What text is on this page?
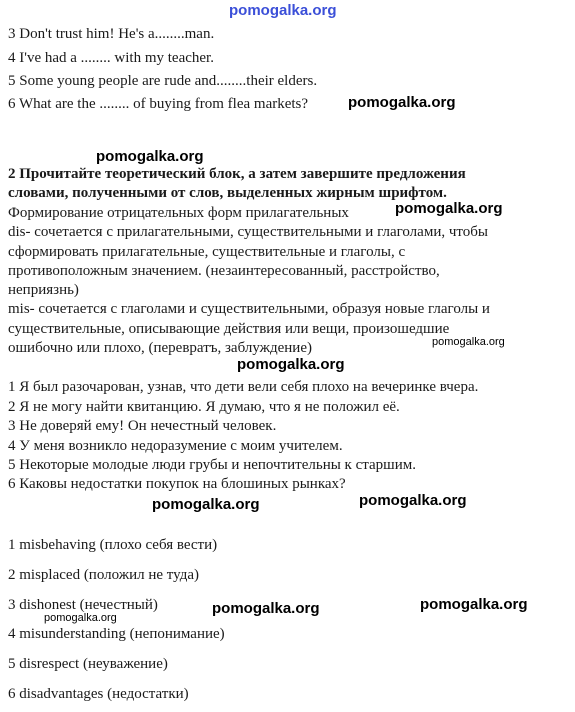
pomogalka.org
pomogalka.org
pomogalka.org
pomogalka.org
pomogalka.org
pomogalka.org
pomogalka.org	pomogalka.org
pomogalka.org	pomogalka.org
pomogalka.org
3 Don't trust him! He's a........man.
4 I've had a ........ with my teacher.
5 Some young people are rude and........their elders.
6 What are the ........ of buying from flea markets?
2 Прочитайте теоретический блок, а затем завершите предложения
словами, полученными от слов, выделенных жирным шрифтом.
Формирование отрицательных форм прилагательных
dis- сочетается с прилагательными, существительными и глаголами, чтобы
сформировать прилагательные, существительные и глаголы, с
противоположным значением. (незаинтересованный, расстройство,
неприязнь)
mis- сочетается с глаголами и существительными, образуя новые глаголы и
существительные, описывающие действия или вещи, произошедшие
ошибочно или плохо, (перевратъ, заблуждение)
1 Я был разочарован, узнав, что дети вели себя плохо на вечеринке вчера.
2 Я не могу найти квитанцию. Я думаю, что я не положил её.
3 Не доверяй ему! Он нечестный человек.
4 У меня возникло недоразумение с моим учителем.
5 Некоторые молодые люди грубы и непочтительны к старшим.
6 Каковы недостатки покупок на блошиных рынках?
1 misbehaving (плохо себя вести)
2 misplaced (положил не туда)
3 dishonest (нечестный)
4 misunderstanding (непонимание)
5 disrespect (неуважение)
6 disadvantages (недостатки)
